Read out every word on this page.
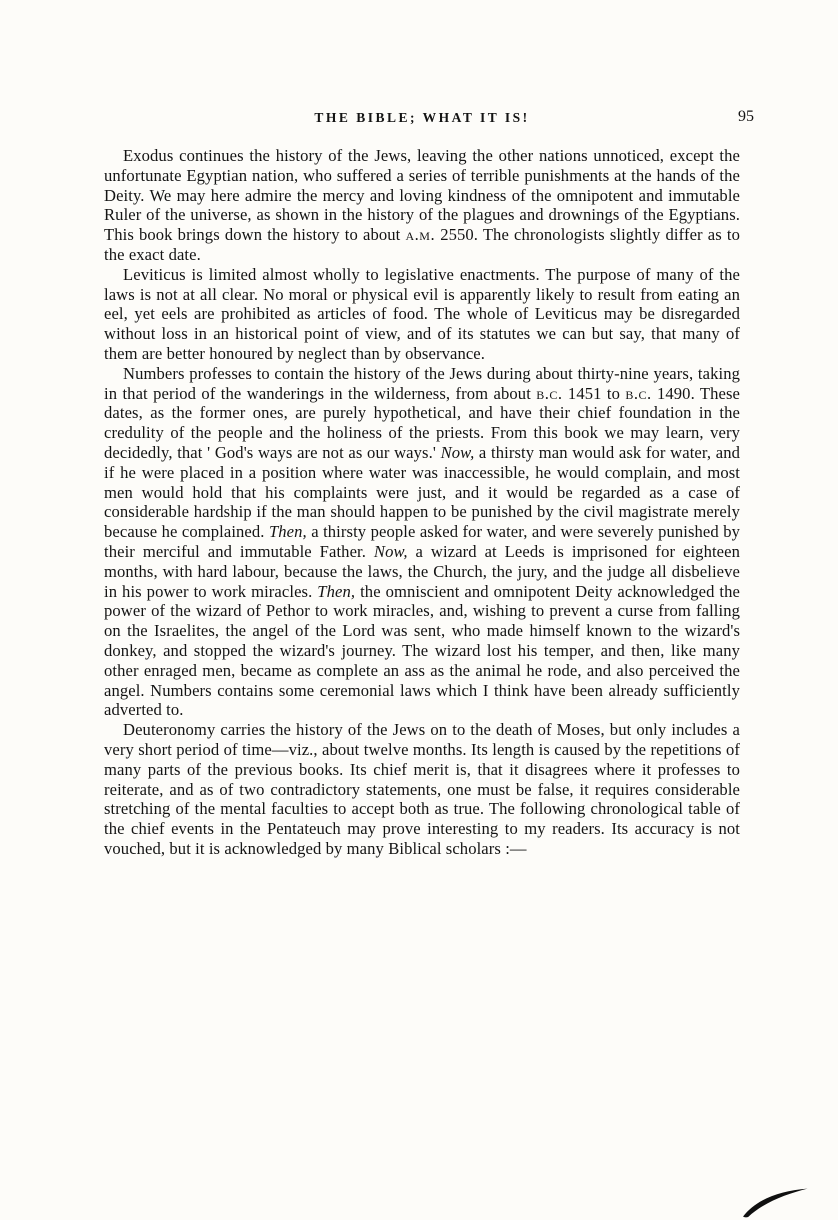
THE BIBLE; WHAT IT IS!	95

Exodus continues the history of the Jews, leaving the other nations unnoticed, except the unfortunate Egyptian nation, who suffered a series of terrible punishments at the hands of the Deity. We may here admire the mercy and loving kindness of the omnipotent and immutable Ruler of the universe, as shown in the history of the plagues and drownings of the Egyptians. This book brings down the history to about a.m. 2550. The chronologists slightly differ as to the exact date.

Leviticus is limited almost wholly to legislative enactments. The purpose of many of the laws is not at all clear. No moral or physical evil is apparently likely to result from eating an eel, yet eels are prohibited as articles of food. The whole of Leviticus may be disregarded without loss in an historical point of view, and of its statutes we can but say, that many of them are better honoured by neglect than by observance.

Numbers professes to contain the history of the Jews during about thirty-nine years, taking in that period of the wanderings in the wilderness, from about b.c. 1451 to b.c. 1490. These dates, as the former ones, are purely hypothetical, and have their chief foundation in the credulity of the people and the holiness of the priests. From this book we may learn, very decidedly, that ' God's ways are not as our ways.' Now, a thirsty man would ask for water, and if he were placed in a position where water was inaccessible, he would complain, and most men would hold that his complaints were just, and it would be regarded as a case of considerable hardship if the man should happen to be punished by the civil magistrate merely because he complained. Then, a thirsty people asked for water, and were severely punished by their merciful and immutable Father. Now, a wizard at Leeds is imprisoned for eighteen months, with hard labour, because the laws, the Church, the jury, and the judge all disbelieve in his power to work miracles. Then, the omniscient and omnipotent Deity acknowledged the power of the wizard of Pethor to work miracles, and, wishing to prevent a curse from falling on the Israelites, the angel of the Lord was sent, who made himself known to the wizard's donkey, and stopped the wizard's journey. The wizard lost his temper, and then, like many other enraged men, became as complete an ass as the animal he rode, and also perceived the angel. Numbers contains some ceremonial laws which I think have been already sufficiently adverted to.

Deuteronomy carries the history of the Jews on to the death of Moses, but only includes a very short period of time—viz., about twelve months. Its length is caused by the repetitions of many parts of the previous books. Its chief merit is, that it disagrees where it professes to reiterate, and as of two contradictory statements, one must be false, it requires considerable stretching of the mental faculties to accept both as true. The following chronological table of the chief events in the Pentateuch may prove interesting to my readers. Its accuracy is not vouched, but it is acknowledged by many Biblical scholars :—
